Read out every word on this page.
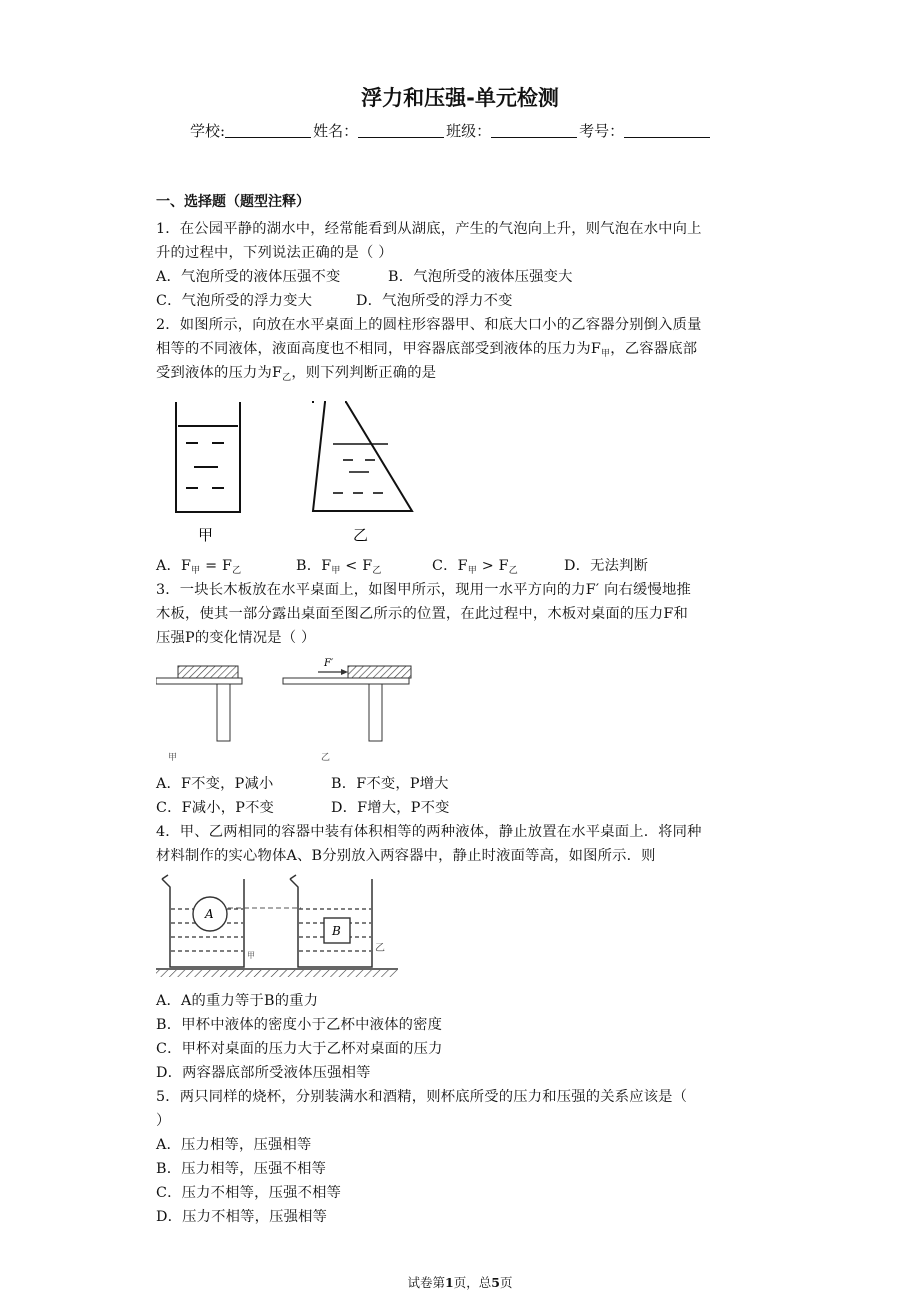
浮力和压强-单元检测
学校:	姓名：	班级：	考号：
一、选择题（题型注释）
1．在公园平静的湖水中，经常能看到从湖底，产生的气泡向上升，则气泡在水中向上
升的过程中，下列说法正确的是（ ）
A．气泡所受的液体压强不变	B．气泡所受的液体压强变大
C．气泡所受的浮力变大	D．气泡所受的浮力不变
2．如图所示，向放在水平桌面上的圆柱形容器甲、和底大口小的乙容器分别倒入质量
相等的不同液体，液面高度也不相同，甲容器底部受到液体的压力为$F_甲$，乙容器底部
受到液体的压力为$F_乙$，则下列判断正确的是
甲	乙
A．$F_甲 = F_乙$	B．$F_甲 < F_乙$	C．$F_甲 > F_乙$	D．无法判断
3．一块长木板放在水平桌面上，如图甲所示，现用一水平方向的力F′ 向右缓慢地推
木板，使其一部分露出桌面至图乙所示的位置，在此过程中，木板对桌面的压力F和
压强P的变化情况是（ ）
F′
甲	乙
A．F不变，P减小	B．F不变，P增大
C．F减小，P不变	D．F增大，P不变
4．甲、乙两相同的容器中装有体积相等的两种液体，静止放置在水平桌面上．将同种
材料制作的实心物体A、B分别放入两容器中，静止时液面等高，如图所示．则
A
甲
B
乙
A．A的重力等于B的重力
B．甲杯中液体的密度小于乙杯中液体的密度
C．甲杯对桌面的压力大于乙杯对桌面的压力
D．两容器底部所受液体压强相等
5．两只同样的烧杯，分别装满水和酒精，则杯底所受的压力和压强的关系应该是（
）
A．压力相等，压强相等
B．压力相等，压强不相等
C．压力不相等，压强不相等
D．压力不相等，压强相等
试卷第1页，总5页
